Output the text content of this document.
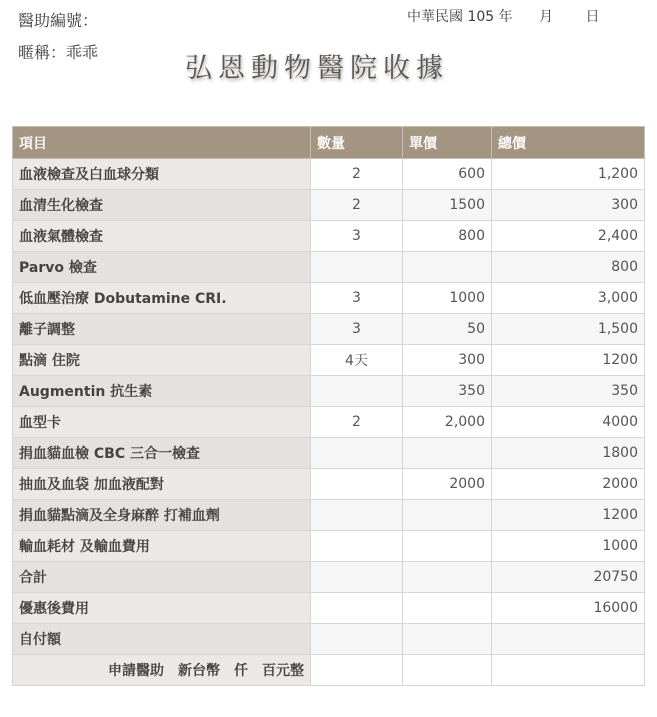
醫助編號：
暱稱：乖乖
中華民國 105 年 月 日
弘恩動物醫院收據
項目	數量	單價	總價
血液檢查及白血球分類	2	600	1,200
血清生化檢查	2	1500	300
血液氣體檢查	3	800	2,400
Parvo 檢查			800
低血壓治療 Dobutamine CRI.	3	1000	3,000
離子調整	3	50	1,500
點滴 住院	4天	300	1200
Augmentin 抗生素		350	350
血型卡	2	2,000	4000
捐血貓血檢 CBC 三合一檢查			1800
抽血及血袋 加血液配對		2000	2000
捐血貓點滴及全身麻醉 打補血劑			1200
輸血耗材 及輸血費用			1000
合計			20750
優惠後費用			16000
自付額			
申請醫助　新台幣　仟　百元整			
